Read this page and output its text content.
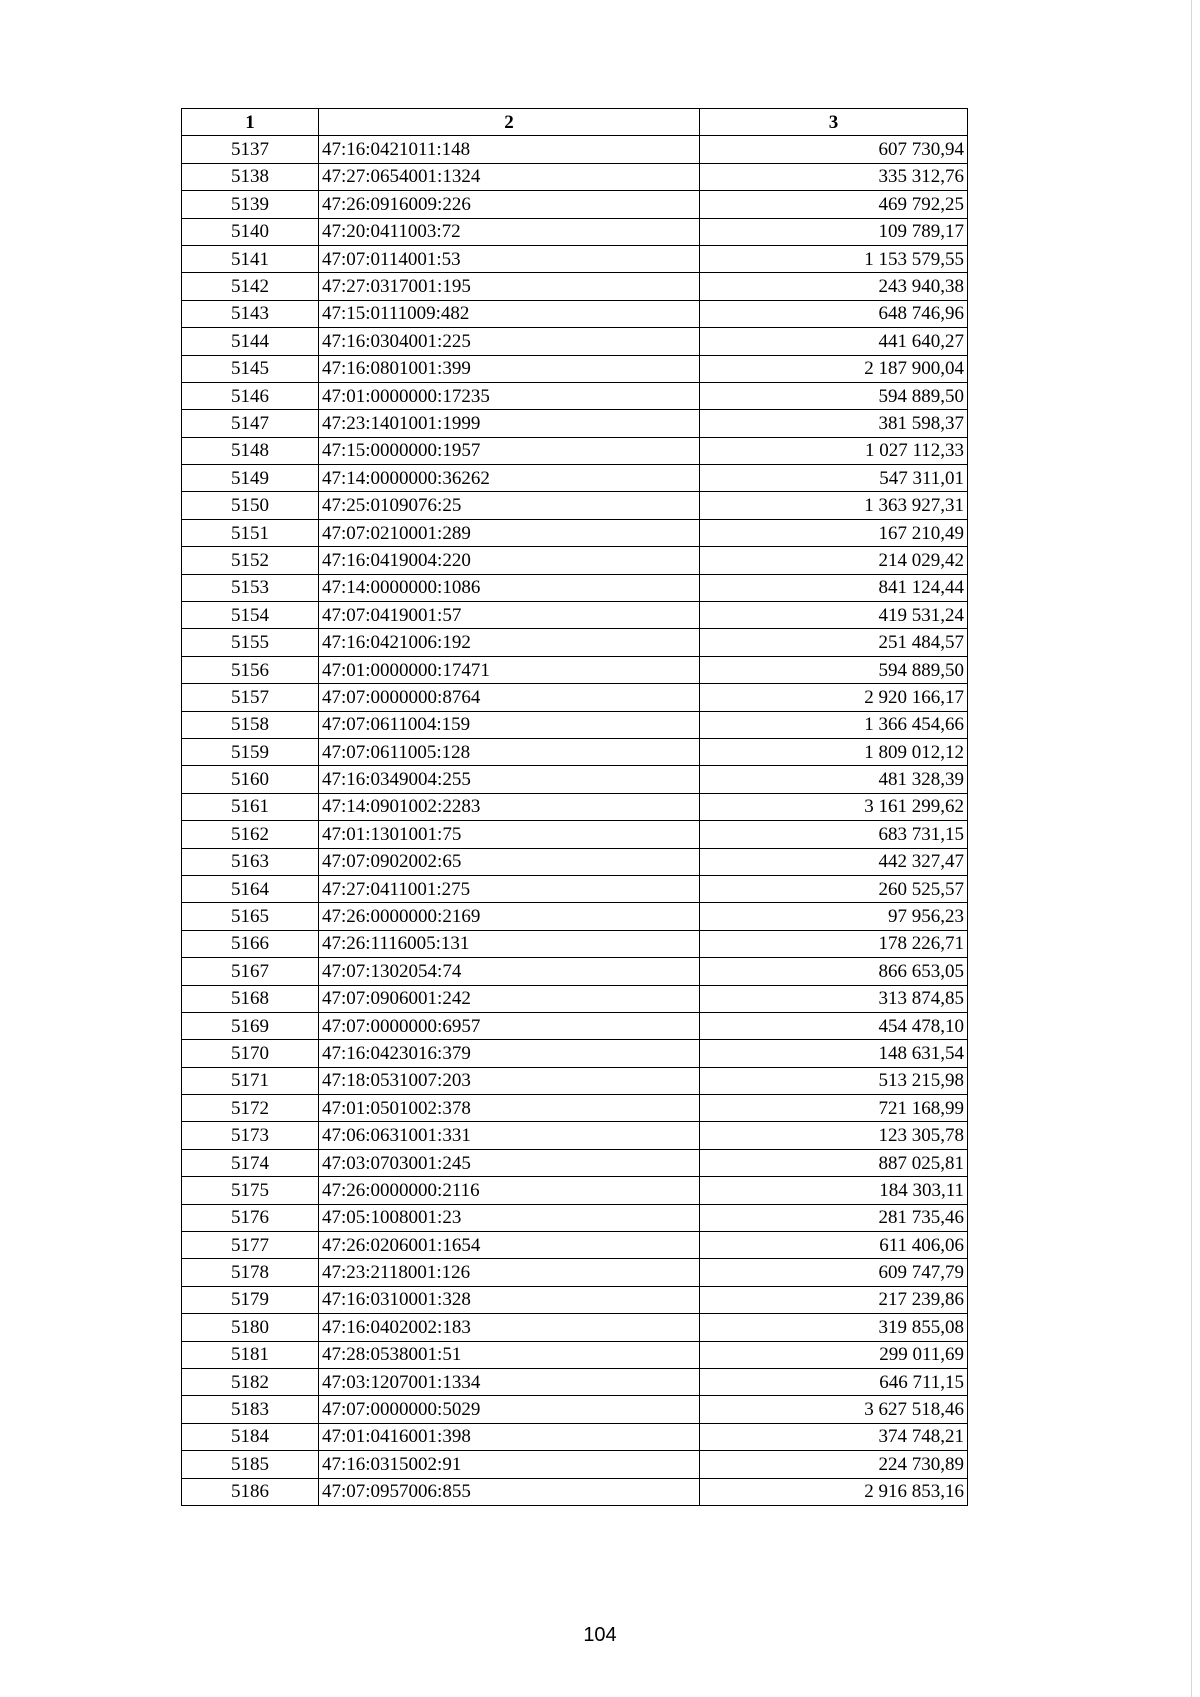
1	2	3
5137	47:16:0421011:148	607 730,94
5138	47:27:0654001:1324	335 312,76
5139	47:26:0916009:226	469 792,25
5140	47:20:0411003:72	109 789,17
5141	47:07:0114001:53	1 153 579,55
5142	47:27:0317001:195	243 940,38
5143	47:15:0111009:482	648 746,96
5144	47:16:0304001:225	441 640,27
5145	47:16:0801001:399	2 187 900,04
5146	47:01:0000000:17235	594 889,50
5147	47:23:1401001:1999	381 598,37
5148	47:15:0000000:1957	1 027 112,33
5149	47:14:0000000:36262	547 311,01
5150	47:25:0109076:25	1 363 927,31
5151	47:07:0210001:289	167 210,49
5152	47:16:0419004:220	214 029,42
5153	47:14:0000000:1086	841 124,44
5154	47:07:0419001:57	419 531,24
5155	47:16:0421006:192	251 484,57
5156	47:01:0000000:17471	594 889,50
5157	47:07:0000000:8764	2 920 166,17
5158	47:07:0611004:159	1 366 454,66
5159	47:07:0611005:128	1 809 012,12
5160	47:16:0349004:255	481 328,39
5161	47:14:0901002:2283	3 161 299,62
5162	47:01:1301001:75	683 731,15
5163	47:07:0902002:65	442 327,47
5164	47:27:0411001:275	260 525,57
5165	47:26:0000000:2169	97 956,23
5166	47:26:1116005:131	178 226,71
5167	47:07:1302054:74	866 653,05
5168	47:07:0906001:242	313 874,85
5169	47:07:0000000:6957	454 478,10
5170	47:16:0423016:379	148 631,54
5171	47:18:0531007:203	513 215,98
5172	47:01:0501002:378	721 168,99
5173	47:06:0631001:331	123 305,78
5174	47:03:0703001:245	887 025,81
5175	47:26:0000000:2116	184 303,11
5176	47:05:1008001:23	281 735,46
5177	47:26:0206001:1654	611 406,06
5178	47:23:2118001:126	609 747,79
5179	47:16:0310001:328	217 239,86
5180	47:16:0402002:183	319 855,08
5181	47:28:0538001:51	299 011,69
5182	47:03:1207001:1334	646 711,15
5183	47:07:0000000:5029	3 627 518,46
5184	47:01:0416001:398	374 748,21
5185	47:16:0315002:91	224 730,89
5186	47:07:0957006:855	2 916 853,16
104
